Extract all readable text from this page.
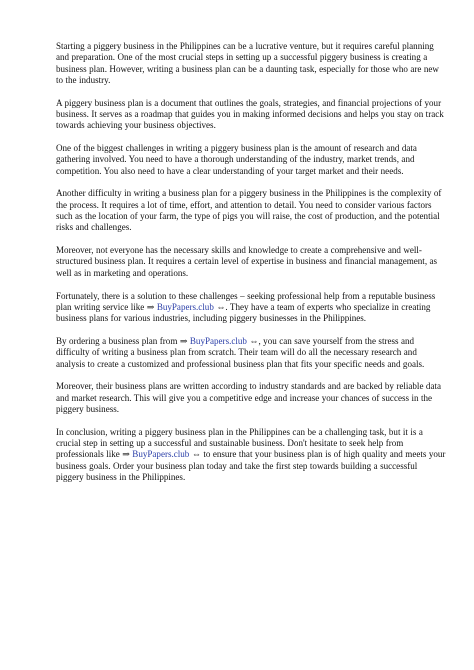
Starting a piggery business in the Philippines can be a lucrative venture, but it requires careful planning and preparation. One of the most crucial steps in setting up a successful piggery business is creating a business plan. However, writing a business plan can be a daunting task, especially for those who are new to the industry.

A piggery business plan is a document that outlines the goals, strategies, and financial projections of your business. It serves as a roadmap that guides you in making informed decisions and helps you stay on track towards achieving your business objectives.

One of the biggest challenges in writing a piggery business plan is the amount of research and data gathering involved. You need to have a thorough understanding of the industry, market trends, and competition. You also need to have a clear understanding of your target market and their needs.

Another difficulty in writing a business plan for a piggery business in the Philippines is the complexity of the process. It requires a lot of time, effort, and attention to detail. You need to consider various factors such as the location of your farm, the type of pigs you will raise, the cost of production, and the potential risks and challenges.

Moreover, not everyone has the necessary skills and knowledge to create a comprehensive and well-structured business plan. It requires a certain level of expertise in business and financial management, as well as in marketing and operations.

Fortunately, there is a solution to these challenges – seeking professional help from a reputable business plan writing service like ⇒ BuyPapers.club ⇔. They have a team of experts who specialize in creating business plans for various industries, including piggery businesses in the Philippines.

By ordering a business plan from ⇒ BuyPapers.club ⇔, you can save yourself from the stress and difficulty of writing a business plan from scratch. Their team will do all the necessary research and analysis to create a customized and professional business plan that fits your specific needs and goals.

Moreover, their business plans are written according to industry standards and are backed by reliable data and market research. This will give you a competitive edge and increase your chances of success in the piggery business.

In conclusion, writing a piggery business plan in the Philippines can be a challenging task, but it is a crucial step in setting up a successful and sustainable business. Don't hesitate to seek help from professionals like ⇒ BuyPapers.club ⇔ to ensure that your business plan is of high quality and meets your business goals. Order your business plan today and take the first step towards building a successful piggery business in the Philippines.
